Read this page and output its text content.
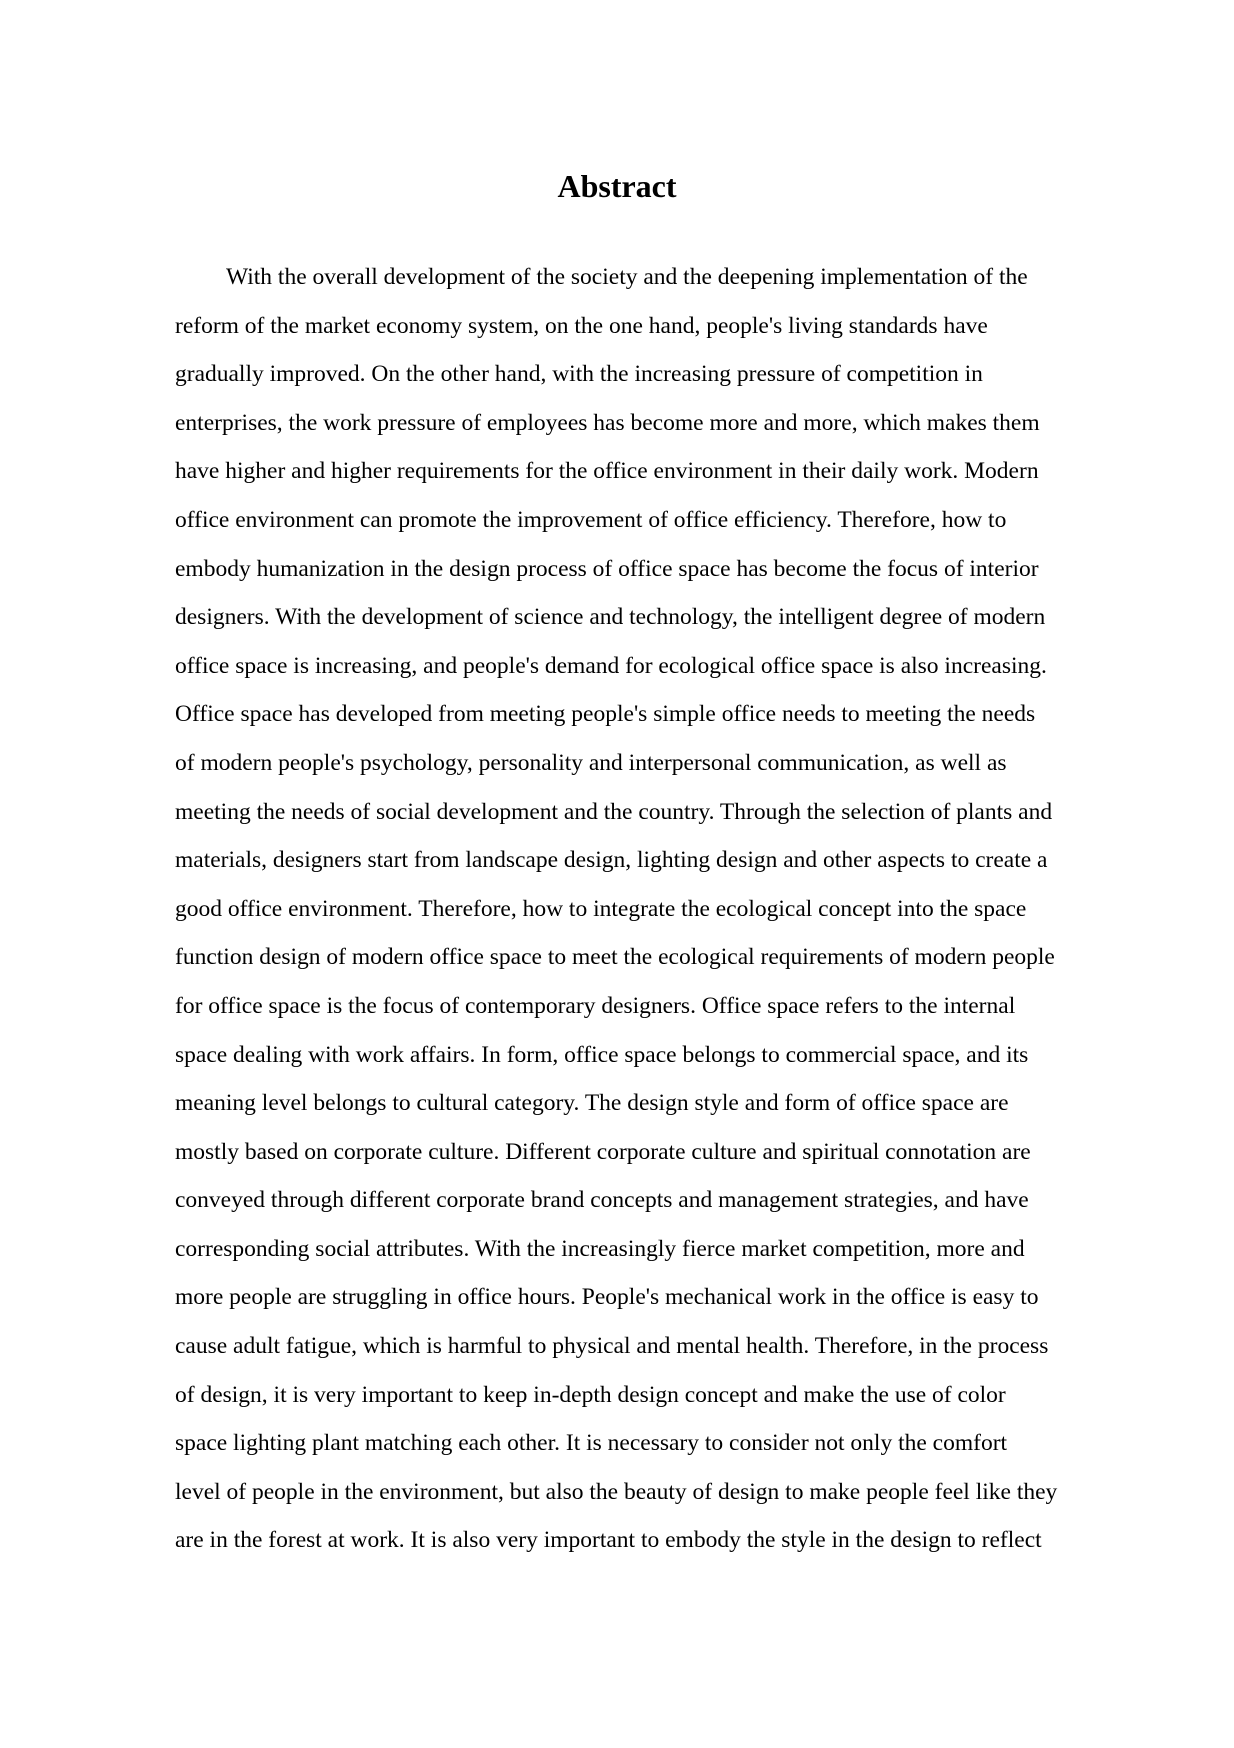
Abstract
With the overall development of the society and the deepening implementation of the
reform of the market economy system, on the one hand, people's living standards have
gradually improved. On the other hand, with the increasing pressure of competition in
enterprises, the work pressure of employees has become more and more, which makes them
have higher and higher requirements for the office environment in their daily work. Modern
office environment can promote the improvement of office efficiency. Therefore, how to
embody humanization in the design process of office space has become the focus of interior
designers. With the development of science and technology, the intelligent degree of modern
office space is increasing, and people's demand for ecological office space is also increasing.
Office space has developed from meeting people's simple office needs to meeting the needs
of modern people's psychology, personality and interpersonal communication, as well as
meeting the needs of social development and the country. Through the selection of plants and
materials, designers start from landscape design, lighting design and other aspects to create a
good office environment. Therefore, how to integrate the ecological concept into the space
function design of modern office space to meet the ecological requirements of modern people
for office space is the focus of contemporary designers. Office space refers to the internal
space dealing with work affairs. In form, office space belongs to commercial space, and its
meaning level belongs to cultural category. The design style and form of office space are
mostly based on corporate culture. Different corporate culture and spiritual connotation are
conveyed through different corporate brand concepts and management strategies, and have
corresponding social attributes. With the increasingly fierce market competition, more and
more people are struggling in office hours. People's mechanical work in the office is easy to
cause adult fatigue, which is harmful to physical and mental health. Therefore, in the process
of design, it is very important to keep in-depth design concept and make the use of color
space lighting plant matching each other. It is necessary to consider not only the comfort
level of people in the environment, but also the beauty of design to make people feel like they
are in the forest at work. It is also very important to embody the style in the design to reflect
